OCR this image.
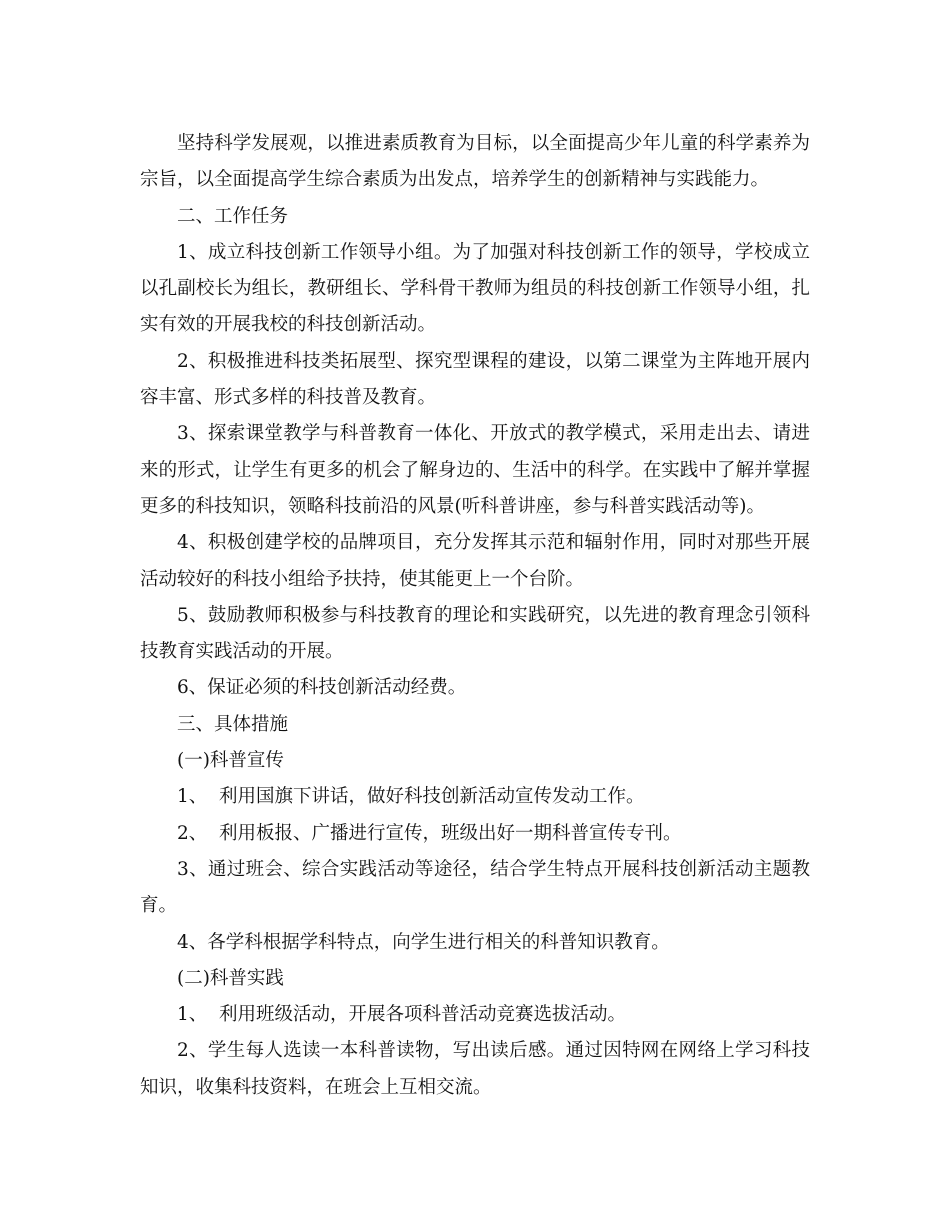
坚持科学发展观，以推进素质教育为目标，以全面提高少年儿童的科学素养为宗旨，以全面提高学生综合素质为出发点，培养学生的创新精神与实践能力。

二、工作任务

1、成立科技创新工作领导小组。为了加强对科技创新工作的领导，学校成立以孔副校长为组长，教研组长、学科骨干教师为组员的科技创新工作领导小组，扎实有效的开展我校的科技创新活动。

2、积极推进科技类拓展型、探究型课程的建设，以第二课堂为主阵地开展内容丰富、形式多样的科技普及教育。

3、探索课堂教学与科普教育一体化、开放式的教学模式，采用走出去、请进来的形式，让学生有更多的机会了解身边的、生活中的科学。在实践中了解并掌握更多的科技知识，领略科技前沿的风景(听科普讲座，参与科普实践活动等)。

4、积极创建学校的品牌项目，充分发挥其示范和辐射作用，同时对那些开展活动较好的科技小组给予扶持，使其能更上一个台阶。

5、鼓励教师积极参与科技教育的理论和实践研究，以先进的教育理念引领科技教育实践活动的开展。

6、保证必须的科技创新活动经费。

三、具体措施

(一)科普宣传

1、  利用国旗下讲话，做好科技创新活动宣传发动工作。

2、  利用板报、广播进行宣传，班级出好一期科普宣传专刊。

3、通过班会、综合实践活动等途径，结合学生特点开展科技创新活动主题教育。

4、各学科根据学科特点，向学生进行相关的科普知识教育。

(二)科普实践

1、  利用班级活动，开展各项科普活动竞赛选拔活动。

2、学生每人选读一本科普读物，写出读后感。通过因特网在网络上学习科技知识，收集科技资料，在班会上互相交流。
